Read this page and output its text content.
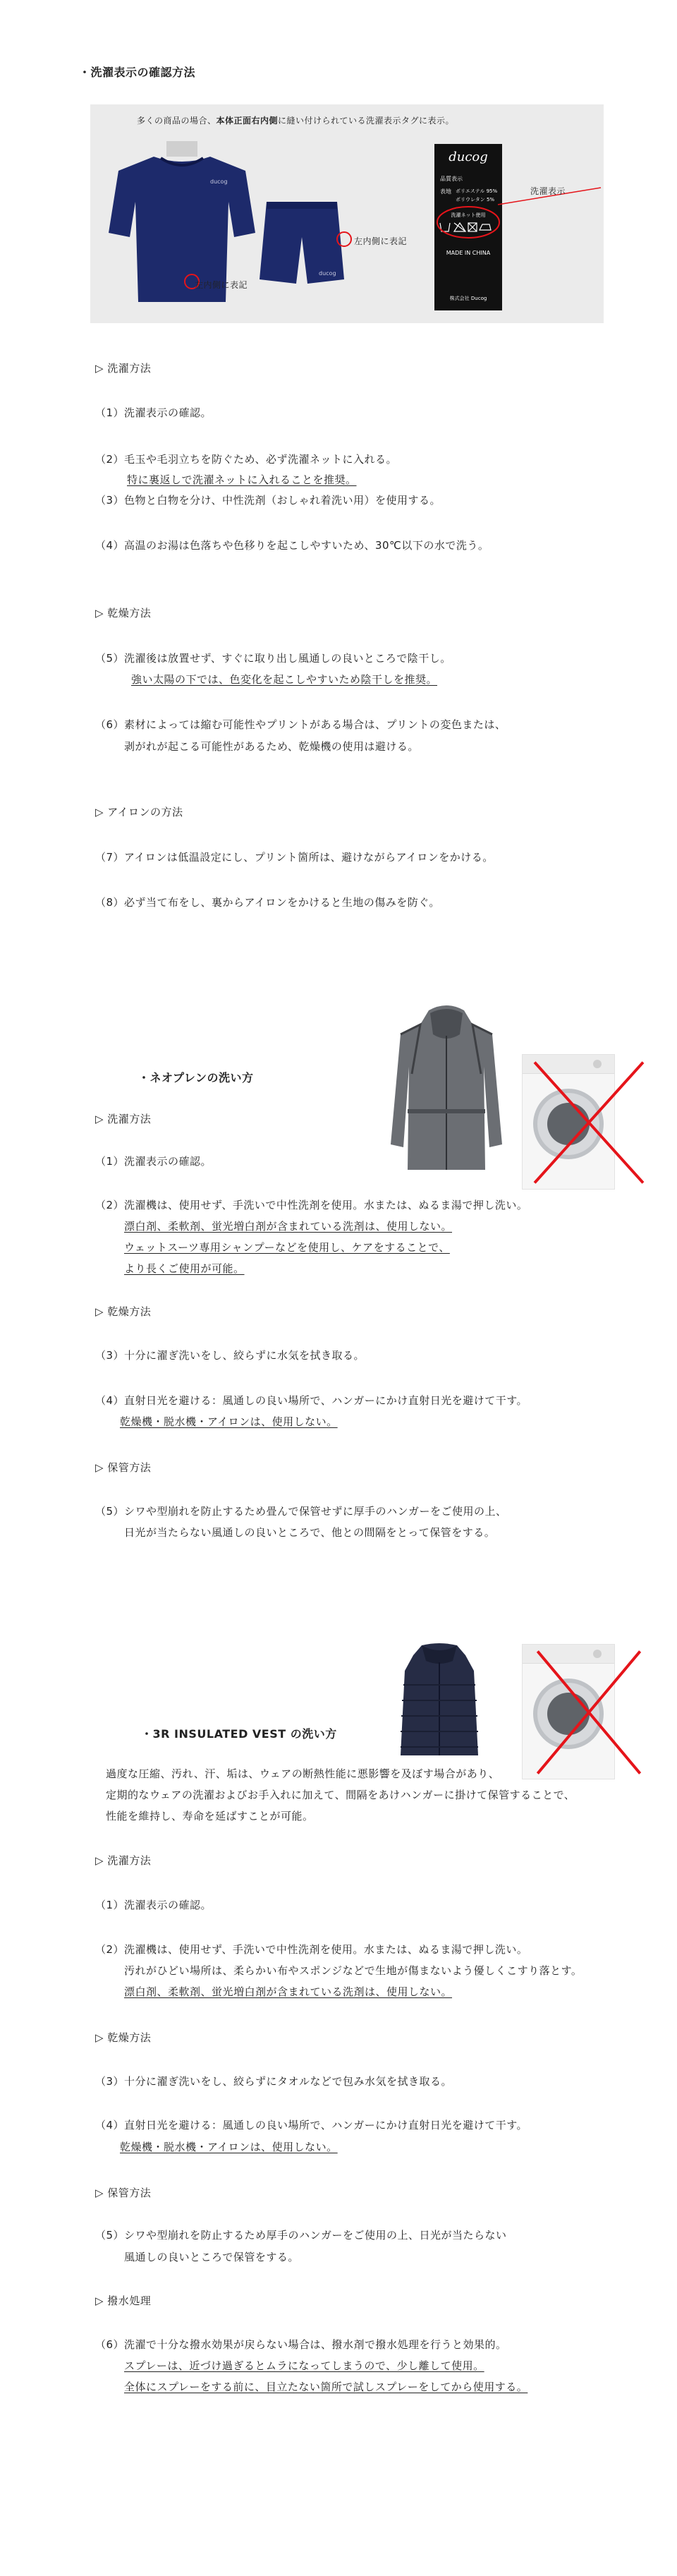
・洗濯表示の確認方法
多くの商品の場合、本体正面右内側に縫い付けられている洗濯表示タグに表示。
ducog
左内側に表記
ducog
左内側に表記
ducog
品質表示
表地 ポリエステル 95%
ポリウレタン 5%
洗濯ネット使用
MADE IN CHINA
株式会社 Ducog
洗濯表示
▷ 洗濯方法
（1）洗濯表示の確認。
（2）毛玉や毛羽立ちを防ぐため、必ず洗濯ネットに入れる。
特に裏返しで洗濯ネットに入れることを推奨。
（3）色物と白物を分け、中性洗剤（おしゃれ着洗い用）を使用する。
（4）高温のお湯は色落ちや色移りを起こしやすいため、30℃以下の水で洗う。
▷ 乾燥方法
（5）洗濯後は放置せず、すぐに取り出し風通しの良いところで陰干し。
強い太陽の下では、色変化を起こしやすいため陰干しを推奨。
（6）素材によっては縮む可能性やプリントがある場合は、プリントの変色または、
剥がれが起こる可能性があるため、乾燥機の使用は避ける。
▷ アイロンの方法
（7）アイロンは低温設定にし、プリント箇所は、避けながらアイロンをかける。
（8）必ず当て布をし、裏からアイロンをかけると生地の傷みを防ぐ。
・ネオプレンの洗い方
▷ 洗濯方法
（1）洗濯表示の確認。
（2）洗濯機は、使用せず、手洗いで中性洗剤を使用。水または、ぬるま湯で押し洗い。
漂白剤、柔軟剤、蛍光増白剤が含まれている洗剤は、使用しない。
ウェットスーツ専用シャンプーなどを使用し、ケアをすることで、
より長くご使用が可能。
▷ 乾燥方法
（3）十分に濯ぎ洗いをし、絞らずに水気を拭き取る。
（4）直射日光を避ける：風通しの良い場所で、ハンガーにかけ直射日光を避けて干す。
乾燥機・脱水機・アイロンは、使用しない。
▷ 保管方法
（5）シワや型崩れを防止するため畳んで保管せずに厚手のハンガーをご使用の上、
日光が当たらない風通しの良いところで、他との間隔をとって保管をする。
・3R INSULATED VEST の洗い方
過度な圧縮、汚れ、汗、垢は、ウェアの断熱性能に悪影響を及ぼす場合があり、
定期的なウェアの洗濯およびお手入れに加えて、間隔をあけハンガーに掛けて保管することで、
性能を維持し、寿命を延ばすことが可能。
▷ 洗濯方法
（1）洗濯表示の確認。
（2）洗濯機は、使用せず、手洗いで中性洗剤を使用。水または、ぬるま湯で押し洗い。
汚れがひどい場所は、柔らかい布やスポンジなどで生地が傷まないよう優しくこすり落とす。
漂白剤、柔軟剤、蛍光増白剤が含まれている洗剤は、使用しない。
▷ 乾燥方法
（3）十分に濯ぎ洗いをし、絞らずにタオルなどで包み水気を拭き取る。
（4）直射日光を避ける：風通しの良い場所で、ハンガーにかけ直射日光を避けて干す。
乾燥機・脱水機・アイロンは、使用しない。
▷ 保管方法
（5）シワや型崩れを防止するため厚手のハンガーをご使用の上、日光が当たらない
風通しの良いところで保管をする。
▷ 撥水処理
（6）洗濯で十分な撥水効果が戻らない場合は、撥水剤で撥水処理を行うと効果的。
スプレーは、近づけ過ぎるとムラになってしまうので、少し離して使用。
全体にスプレーをする前に、目立たない箇所で試しスプレーをしてから使用する。
